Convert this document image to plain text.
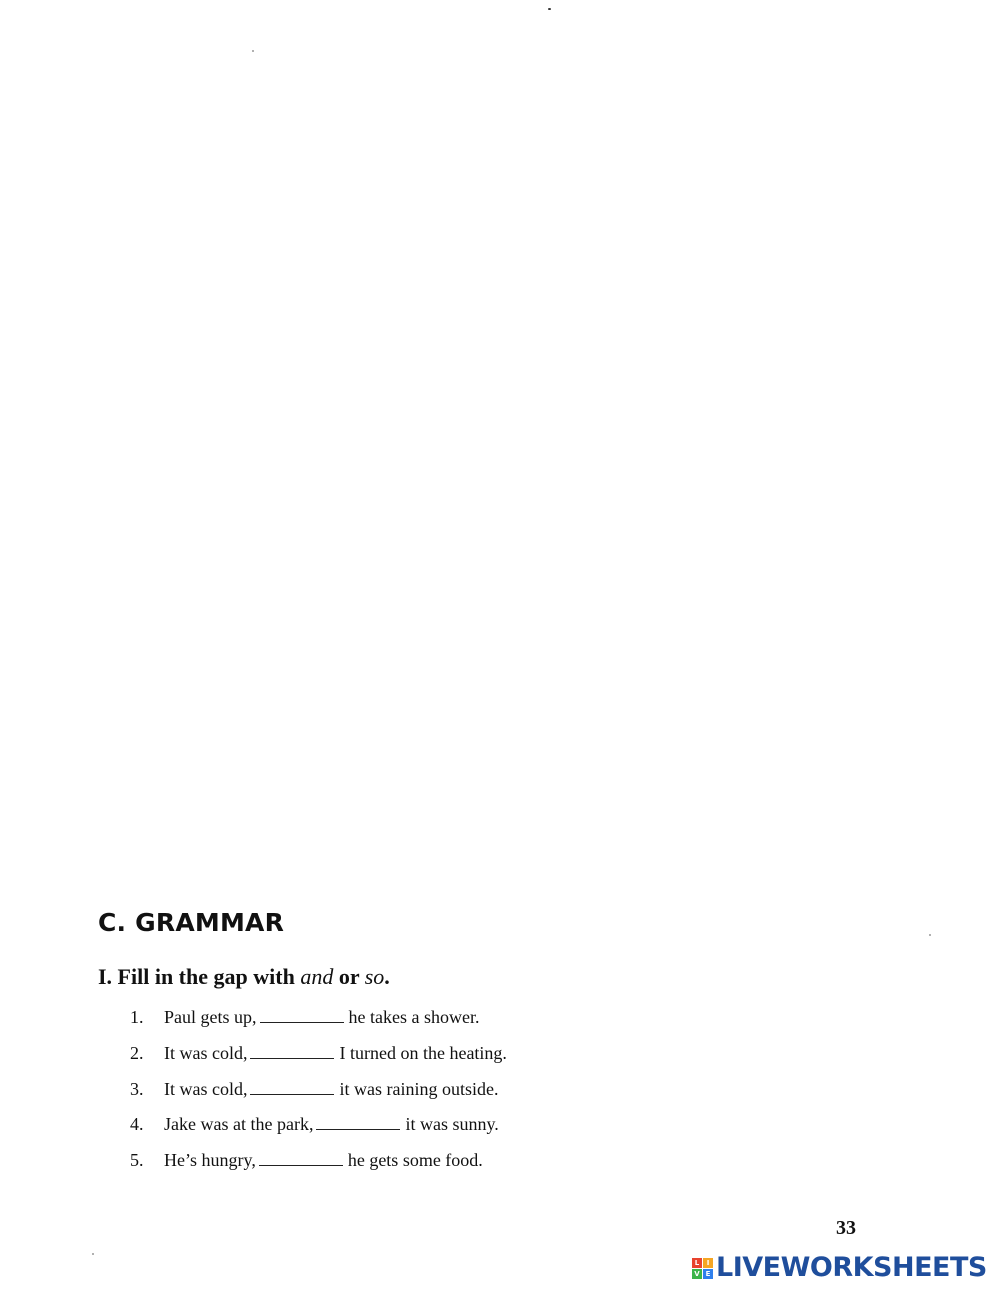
C. GRAMMAR
I. Fill in the gap with and or so.
1.	Paul gets up,	he takes a shower.
2.	It was cold,	I turned on the heating.
3.	It was cold,	it was raining outside.
4.	Jake was at the park,	it was sunny.
5.	He’s hungry,	he gets some food.
33
L	I
V E LIVEWORKSHEETS
